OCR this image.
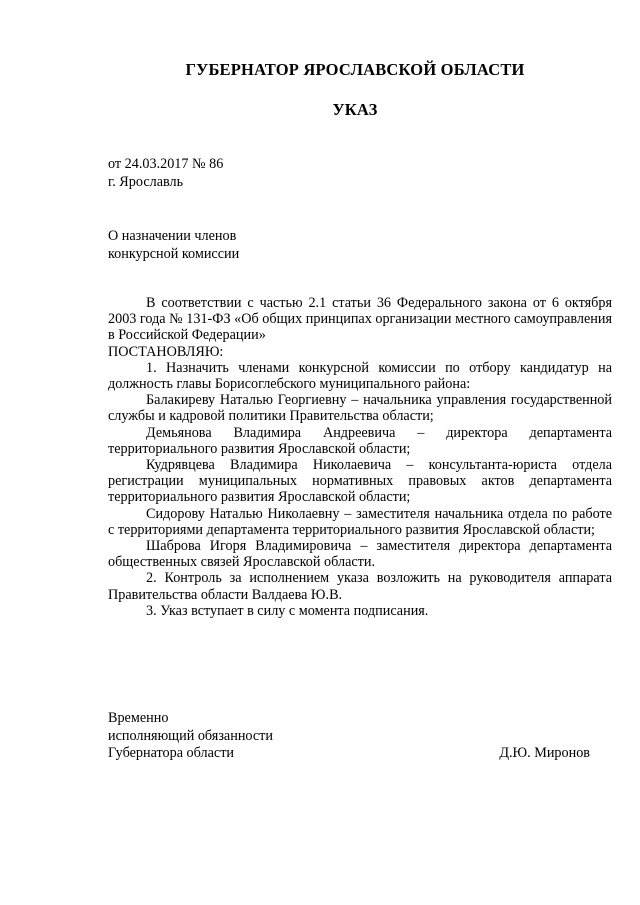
ГУБЕРНАТОР ЯРОСЛАВСКОЙ ОБЛАСТИ
УКАЗ
от 24.03.2017 № 86
г. Ярославль
О назначении членов
конкурсной комиссии

В соответствии с частью 2.1 статьи 36 Федерального закона от 6 октября 2003 года № 131-ФЗ «Об общих принципах организации местного самоуправления в Российской Федерации»

ПОСТАНОВЛЯЮ:

1. Назначить членами конкурсной комиссии по отбору кандидатур на должность главы Борисоглебского муниципального района:

Балакиреву Наталью Георгиевну – начальника управления государственной службы и кадровой политики Правительства области;

Демьянова Владимира Андреевича – директора департамента территориального развития Ярославской области;

Кудрявцева Владимира Николаевича – консультанта-юриста отдела регистрации муниципальных нормативных правовых актов департамента территориального развития Ярославской области;

Сидорову Наталью Николаевну – заместителя начальника отдела по работе с территориями департамента территориального развития Ярославской области;

Шаброва Игоря Владимировича – заместителя директора департамента общественных связей Ярославской области.

2. Контроль за исполнением указа возложить на руководителя аппарата Правительства области Валдаева Ю.В.

3. Указ вступает в силу с момента подписания.

Временно
исполняющий обязанности
Губернатора области	Д.Ю. Миронов
